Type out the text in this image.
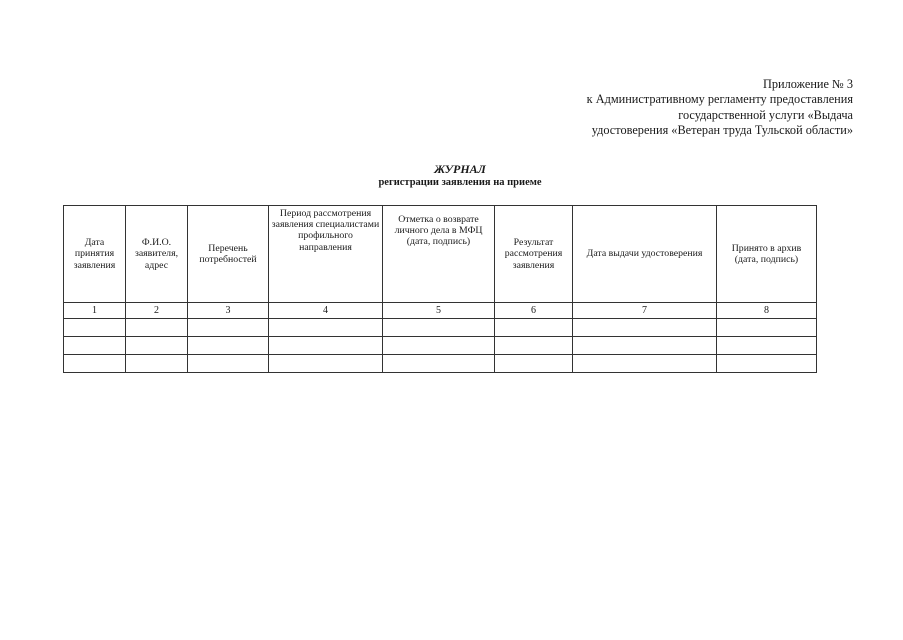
Приложение № 3
к Административному регламенту предоставления
государственной услуги «Выдача
удостоверения «Ветеран труда Тульской области»
ЖУРНАЛ
регистрации заявления на приеме
Дата принятия заявления	Ф.И.О. заявителя, адрес	Перечень потребностей	Период рассмотрения заявления специалистами профильного направления	Отметка о возврате личного дела в МФЦ (дата, подпись)	Результат рассмотрения заявления	Дата выдачи удостоверения	Принято в архив (дата, подпись)
1	2	3	4	5	6	7	8
